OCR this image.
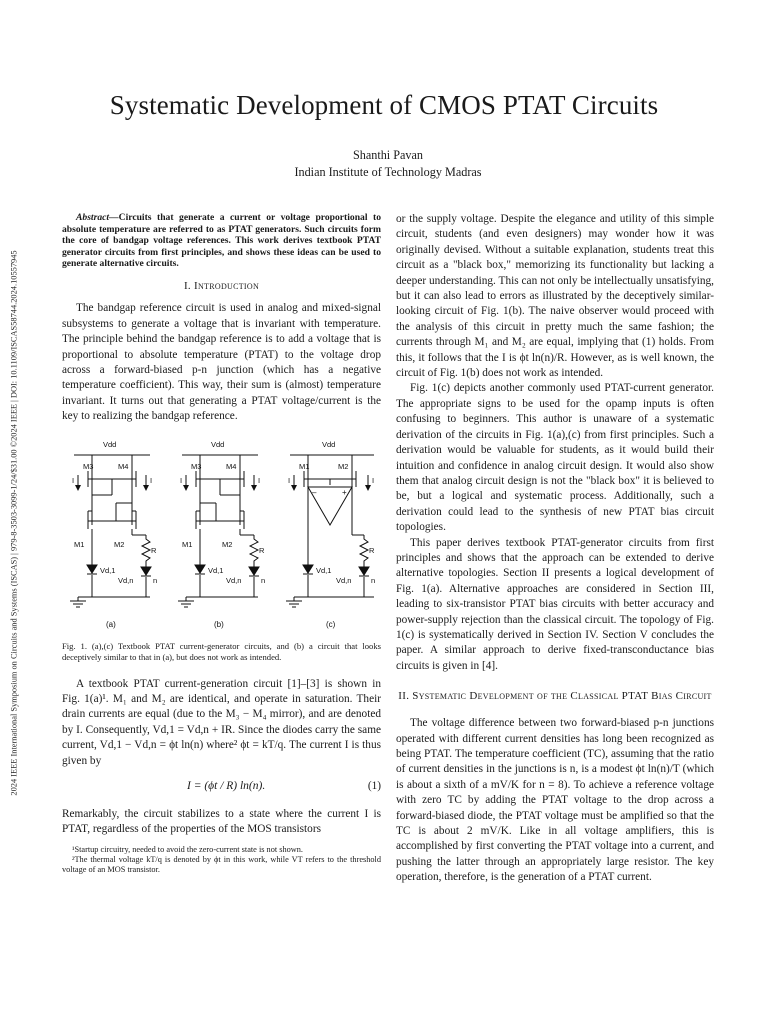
2024 IEEE International Symposium on Circuits and Systems (ISCAS) | 979-8-3503-3099-1/24/$31.00 ©2024 IEEE | DOI: 10.1109/ISCAS58744.2024.10557945
Systematic Development of CMOS PTAT Circuits
Shanthi Pavan
Indian Institute of Technology Madras

Abstract—Circuits that generate a current or voltage proportional to absolute temperature are referred to as PTAT generators. Such circuits form the core of bandgap voltage references. This work derives textbook PTAT generator circuits from first principles, and shows these ideas can be used to generate alternative circuits.

I. Introduction

The bandgap reference circuit is used in analog and mixed-signal subsystems to generate a voltage that is invariant with temperature. The principle behind the bandgap reference is to add a voltage that is proportional to absolute temperature (PTAT) to the voltage drop across a forward-biased p-n junction (which has a negative temperature coefficient). This way, their sum is (almost) temperature invariant. It turns out that generating a PTAT voltage/current is the key to realizing the bandgap reference.

Vdd
M3	M4
M1	M2
R
Vd,1
Vd,n	n
I	I
(a)
Vdd
M3	M4
M1	M2
R
Vd,1
Vd,n	n
I	I
(b)
Vdd
M1	M2
–	+
R
Vd,1
Vd,n	n
I	I
(c)

Fig. 1. (a),(c) Textbook PTAT current-generator circuits, and (b) a circuit that looks deceptively similar to that in (a), but does not work as intended.

A textbook PTAT current-generation circuit [1]–[3] is shown in Fig. 1(a)¹. M₁ and M₂ are identical, and operate in saturation. Their drain currents are equal (due to the M₃ − M₄ mirror), and are denoted by I. Consequently, Vd,1 = Vd,n + IR. Since the diodes carry the same current, Vd,1 − Vd,n = ϕt ln(n) where² ϕt = kT/q. The current I is thus given by

I = (ϕt / R) ln(n).	(1)

Remarkably, the circuit stabilizes to a state where the current I is PTAT, regardless of the properties of the MOS transistors

¹Startup circuitry, needed to avoid the zero-current state is not shown.
²The thermal voltage kT/q is denoted by ϕt in this work, while VT refers to the threshold voltage of an MOS transistor.

or the supply voltage. Despite the elegance and utility of this simple circuit, students (and even designers) may wonder how it was originally devised. Without a suitable explanation, students treat this circuit as a "black box," memorizing its functionality but lacking a deeper understanding. This can not only be intellectually unsatisfying, but it can also lead to errors as illustrated by the deceptively similar-looking circuit of Fig. 1(b). The naive observer would proceed with the analysis of this circuit in pretty much the same fashion; the currents through M₁ and M₂ are equal, implying that (1) holds. From this, it follows that the I is ϕt ln(n)/R. However, as is well known, the circuit of Fig. 1(b) does not work as intended.

Fig. 1(c) depicts another commonly used PTAT-current generator. The appropriate signs to be used for the opamp inputs is often confusing to beginners. This author is unaware of a systematic derivation of the circuits in Fig. 1(a),(c) from first principles. Such a derivation would be valuable for students, as it would build their intuition and confidence in analog circuit design. It would also show them that analog circuit design is not the "black box" it is believed to be, but a logical and systematic process. Additionally, such a derivation could lead to the synthesis of new PTAT bias circuit topologies.

This paper derives textbook PTAT-generator circuits from first principles and shows that the approach can be extended to derive alternative topologies. Section II presents a logical development of Fig. 1(a). Alternative approaches are considered in Section III, leading to six-transistor PTAT bias circuits with better accuracy and power-supply rejection than the classical circuit. The topology of Fig. 1(c) is systematically derived in Section IV. Section V concludes the paper. A similar approach to derive fixed-transconductance bias circuits is given in [4].

II. Systematic Development of the Classical PTAT Bias Circuit

The voltage difference between two forward-biased p-n junctions operated with different current densities has long been recognized as being PTAT. The temperature coefficient (TC), assuming that the ratio of current densities in the junctions is n, is a modest ϕt ln(n)/T (which is about a sixth of a mV/K for n = 8). To achieve a reference voltage with zero TC by adding the PTAT voltage to the drop across a forward-biased diode, the PTAT voltage must be amplified so that the TC is about 2 mV/K. Like in all voltage amplifiers, this is accomplished by first converting the PTAT voltage into a current, and pushing the latter through an appropriately large resistor. The key operation, therefore, is the generation of a PTAT current.
